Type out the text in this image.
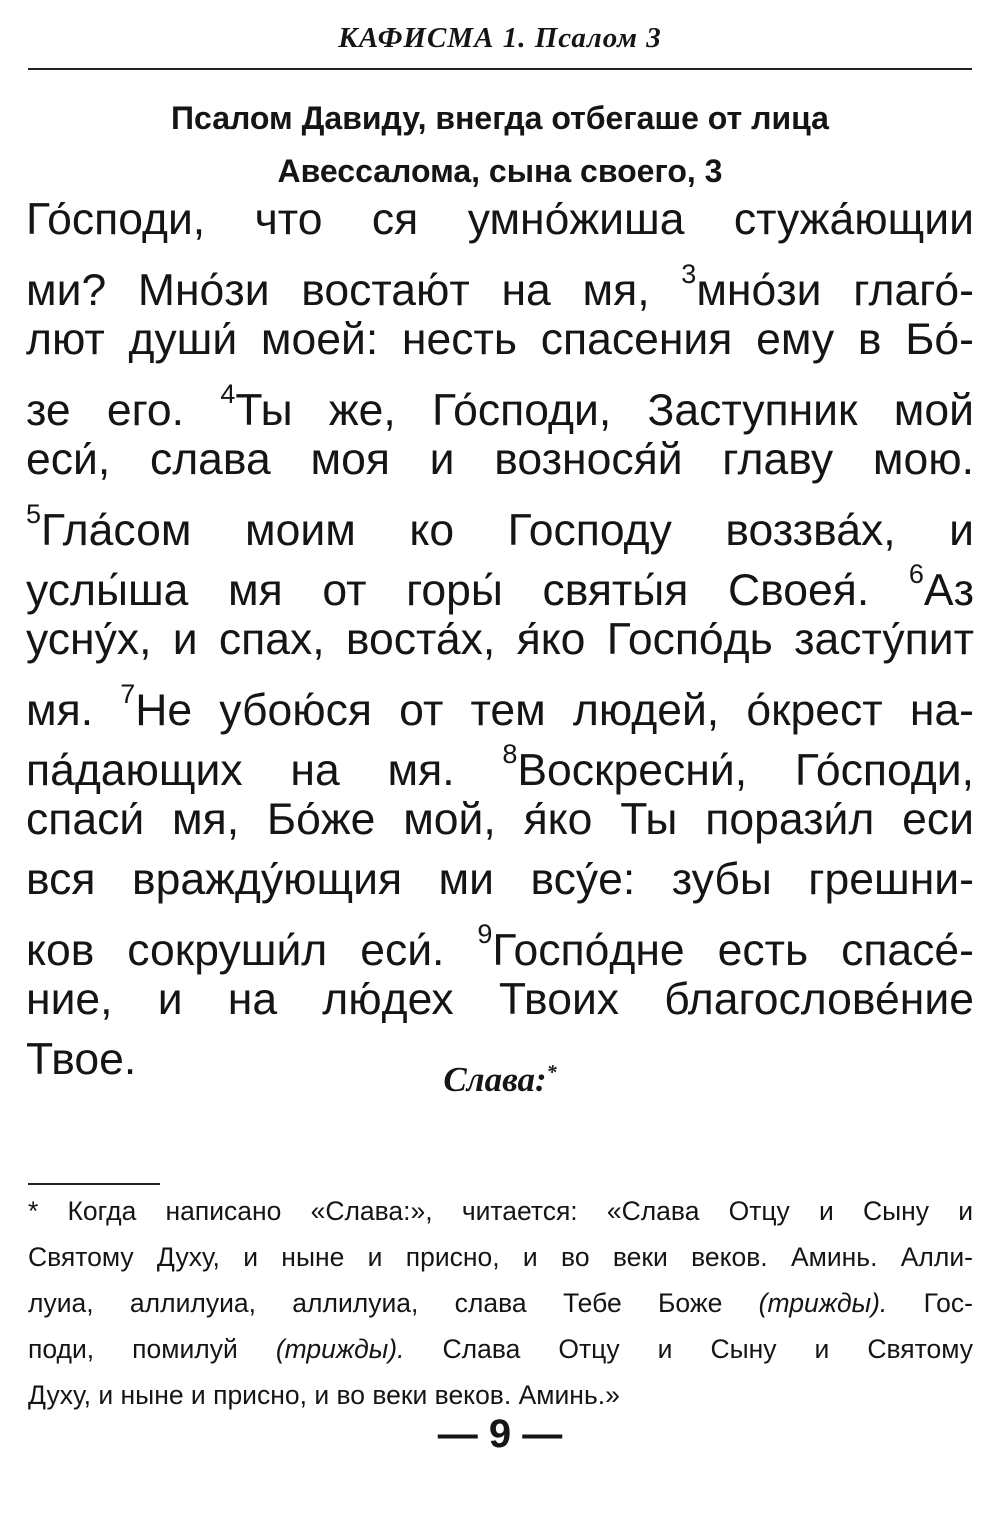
КАФИСМА 1. Псалом 3
Псалом Давиду, внегда отбегаше от лица
Авессалома, сына своего, 3
Го́споди, что ся умно́жиша стужа́ющии
ми? Мно́зи востаю́т на мя, $^3$мно́зи глаго́-
лют души́ моей: несть спасения ему в Бо́-
зе его. $^4$Ты же, Го́споди, Заступник мой
еси́, слава моя и вознося́й главу мою.
$^5$Гла́сом моим ко Господу воззва́х, и
услы́ша мя от горы́ святы́я Своея́. $^6$Аз
усну́х, и спах, воста́х, я́ко Госпо́дь засту́пит
мя. $^7$Не убою́ся от тем людей, о́крест на-
па́дающих на мя. $^8$Воскресни́, Го́споди,
спаси́ мя, Бо́же мой, я́ко Ты порази́л еси
вся вражду́ющия ми всу́е: зубы грешни-
ков сокруши́л еси́. $^9$Госпо́дне есть спасе́-
ние, и на лю́дех Твоих благослове́ние
Твое.	Слава:*
* Когда написано «Слава:», читается: «Слава Отцу и Сыну и
Святому Духу, и ныне и присно, и во веки веков. Аминь. Алли-
луиа, аллилуиа, аллилуиа, слава Тебе Боже (трижды). Гос-
поди, помилуй (трижды). Слава Отцу и Сыну и Святому
Духу, и ныне и присно, и во веки веков. Аминь.»
— 9 —
